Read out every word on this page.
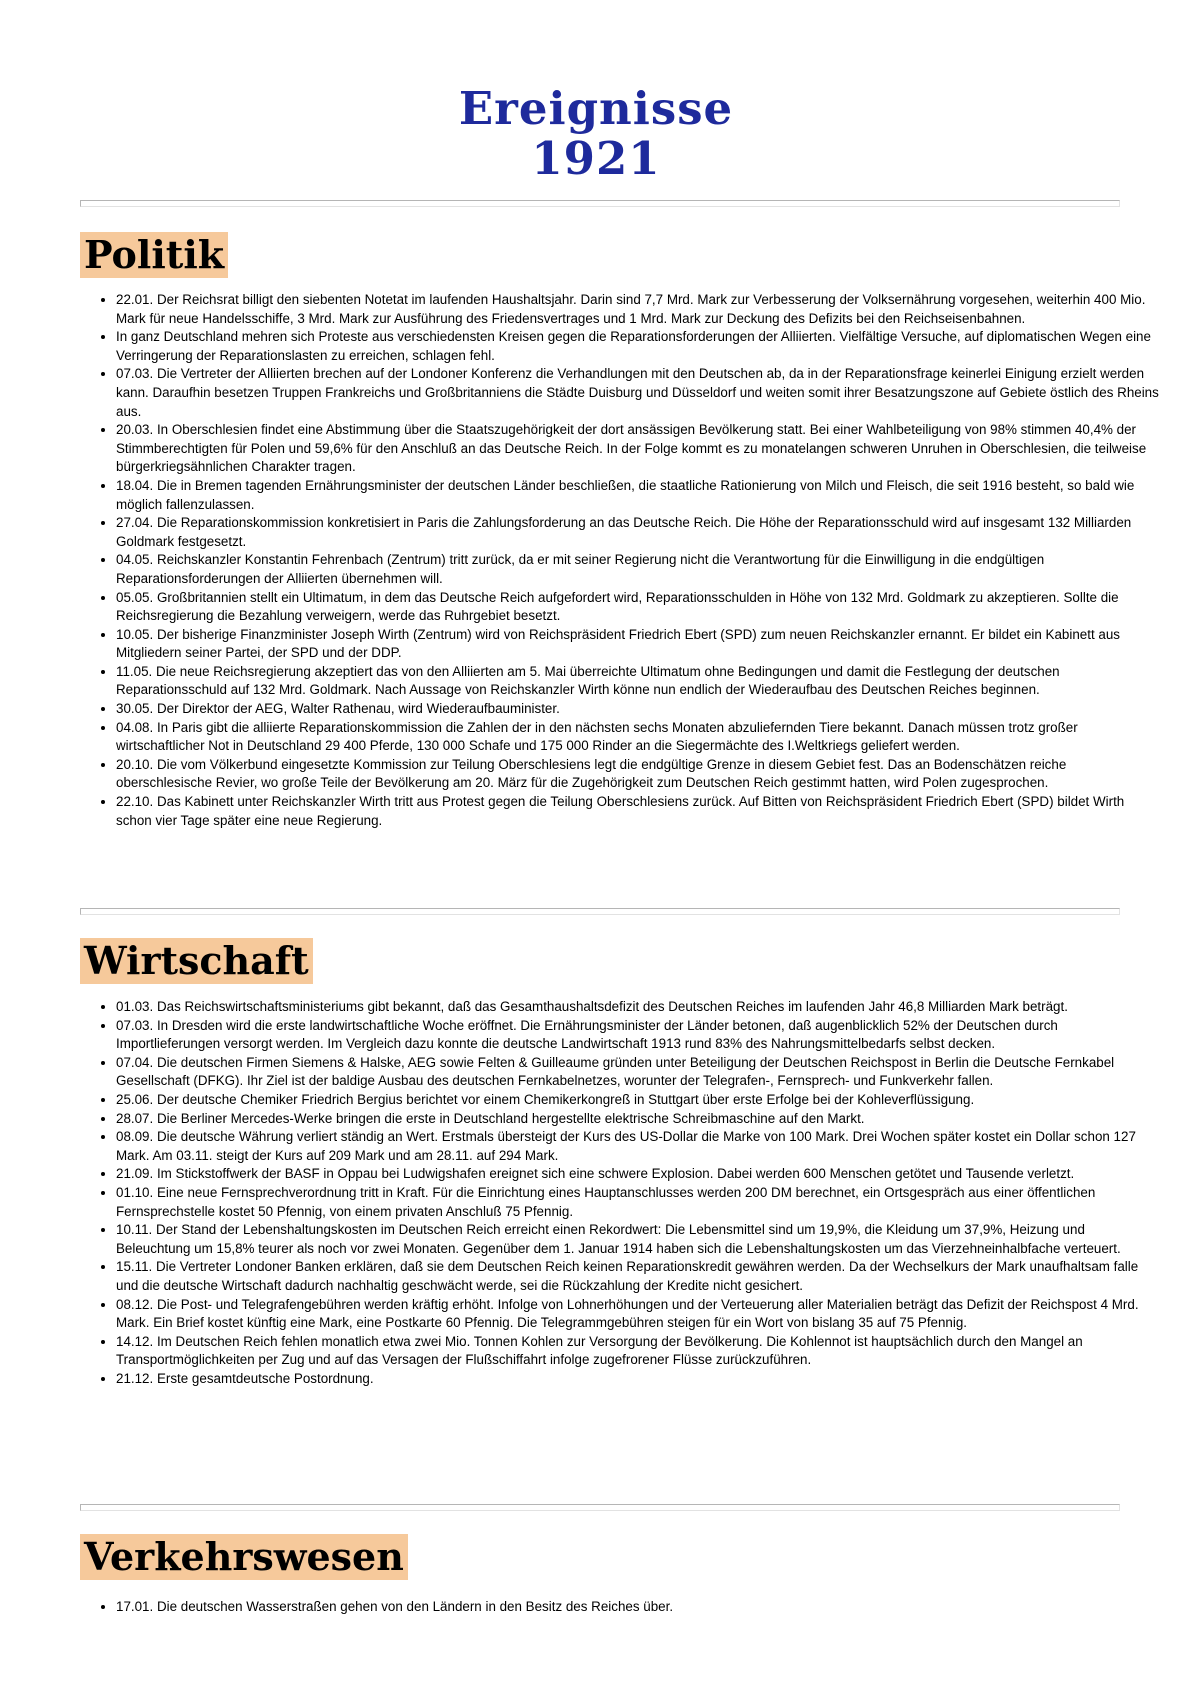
Ereignisse
1921
Politik
• 22.01. Der Reichsrat billigt den siebenten Notetat im laufenden Haushaltsjahr. Darin sind 7,7 Mrd. Mark zur Verbesserung der Volksernährung vorgesehen, weiterhin 400 Mio. Mark für neue Handelsschiffe, 3 Mrd. Mark zur Ausführung des Friedensvertrages und 1 Mrd. Mark zur Deckung des Defizits bei den Reichseisenbahnen.
• In ganz Deutschland mehren sich Proteste aus verschiedensten Kreisen gegen die Reparationsforderungen der Alliierten. Vielfältige Versuche, auf diplomatischen Wegen eine Verringerung der Reparationslasten zu erreichen, schlagen fehl.
• 07.03. Die Vertreter der Alliierten brechen auf der Londoner Konferenz die Verhandlungen mit den Deutschen ab, da in der Reparationsfrage keinerlei Einigung erzielt werden kann. Daraufhin besetzen Truppen Frankreichs und Großbritanniens die Städte Duisburg und Düsseldorf und weiten somit ihrer Besatzungszone auf Gebiete östlich des Rheins aus.
• 20.03. In Oberschlesien findet eine Abstimmung über die Staatszugehörigkeit der dort ansässigen Bevölkerung statt. Bei einer Wahlbeteiligung von 98% stimmen 40,4% der Stimmberechtigten für Polen und 59,6% für den Anschluß an das Deutsche Reich. In der Folge kommt es zu monatelangen schweren Unruhen in Oberschlesien, die teilweise bürgerkriegsähnlichen Charakter tragen.
• 18.04. Die in Bremen tagenden Ernährungsminister der deutschen Länder beschließen, die staatliche Rationierung von Milch und Fleisch, die seit 1916 besteht, so bald wie möglich fallenzulassen.
• 27.04. Die Reparationskommission konkretisiert in Paris die Zahlungsforderung an das Deutsche Reich. Die Höhe der Reparationsschuld wird auf insgesamt 132 Milliarden Goldmark festgesetzt.
• 04.05. Reichskanzler Konstantin Fehrenbach (Zentrum) tritt zurück, da er mit seiner Regierung nicht die Verantwortung für die Einwilligung in die endgültigen Reparationsforderungen der Alliierten übernehmen will.
• 05.05. Großbritannien stellt ein Ultimatum, in dem das Deutsche Reich aufgefordert wird, Reparationsschulden in Höhe von 132 Mrd. Goldmark zu akzeptieren. Sollte die Reichsregierung die Bezahlung verweigern, werde das Ruhrgebiet besetzt.
• 10.05. Der bisherige Finanzminister Joseph Wirth (Zentrum) wird von Reichspräsident Friedrich Ebert (SPD) zum neuen Reichskanzler ernannt. Er bildet ein Kabinett aus Mitgliedern seiner Partei, der SPD und der DDP.
• 11.05. Die neue Reichsregierung akzeptiert das von den Alliierten am 5. Mai überreichte Ultimatum ohne Bedingungen und damit die Festlegung der deutschen Reparationsschuld auf 132 Mrd. Goldmark. Nach Aussage von Reichskanzler Wirth könne nun endlich der Wiederaufbau des Deutschen Reiches beginnen.
• 30.05. Der Direktor der AEG, Walter Rathenau, wird Wiederaufbauminister.
• 04.08. In Paris gibt die alliierte Reparationskommission die Zahlen der in den nächsten sechs Monaten abzuliefernden Tiere bekannt. Danach müssen trotz großer wirtschaftlicher Not in Deutschland 29 400 Pferde, 130 000 Schafe und 175 000 Rinder an die Siegermächte des I.Weltkriegs geliefert werden.
• 20.10. Die vom Völkerbund eingesetzte Kommission zur Teilung Oberschlesiens legt die endgültige Grenze in diesem Gebiet fest. Das an Bodenschätzen reiche oberschlesische Revier, wo große Teile der Bevölkerung am 20. März für die Zugehörigkeit zum Deutschen Reich gestimmt hatten, wird Polen zugesprochen.
• 22.10. Das Kabinett unter Reichskanzler Wirth tritt aus Protest gegen die Teilung Oberschlesiens zurück. Auf Bitten von Reichspräsident Friedrich Ebert (SPD) bildet Wirth schon vier Tage später eine neue Regierung.
Wirtschaft
• 01.03. Das Reichswirtschaftsministeriums gibt bekannt, daß das Gesamthaushaltsdefizit des Deutschen Reiches im laufenden Jahr 46,8 Milliarden Mark beträgt.
• 07.03. In Dresden wird die erste landwirtschaftliche Woche eröffnet. Die Ernährungsminister der Länder betonen, daß augenblicklich 52% der Deutschen durch Importlieferungen versorgt werden. Im Vergleich dazu konnte die deutsche Landwirtschaft 1913 rund 83% des Nahrungsmittelbedarfs selbst decken.
• 07.04. Die deutschen Firmen Siemens & Halske, AEG sowie Felten & Guilleaume gründen unter Beteiligung der Deutschen Reichspost in Berlin die Deutsche Fernkabel Gesellschaft (DFKG). Ihr Ziel ist der baldige Ausbau des deutschen Fernkabelnetzes, worunter der Telegrafen-, Fernsprech- und Funkverkehr fallen.
• 25.06. Der deutsche Chemiker Friedrich Bergius berichtet vor einem Chemikerkongreß in Stuttgart über erste Erfolge bei der Kohleverflüssigung.
• 28.07. Die Berliner Mercedes-Werke bringen die erste in Deutschland hergestellte elektrische Schreibmaschine auf den Markt.
• 08.09. Die deutsche Währung verliert ständig an Wert. Erstmals übersteigt der Kurs des US-Dollar die Marke von 100 Mark. Drei Wochen später kostet ein Dollar schon 127 Mark. Am 03.11. steigt der Kurs auf 209 Mark und am 28.11. auf 294 Mark.
• 21.09. Im Stickstoffwerk der BASF in Oppau bei Ludwigshafen ereignet sich eine schwere Explosion. Dabei werden 600 Menschen getötet und Tausende verletzt.
• 01.10. Eine neue Fernsprechverordnung tritt in Kraft. Für die Einrichtung eines Hauptanschlusses werden 200 DM berechnet, ein Ortsgespräch aus einer öffentlichen Fernsprechstelle kostet 50 Pfennig, von einem privaten Anschluß 75 Pfennig.
• 10.11. Der Stand der Lebenshaltungskosten im Deutschen Reich erreicht einen Rekordwert: Die Lebensmittel sind um 19,9%, die Kleidung um 37,9%, Heizung und Beleuchtung um 15,8% teurer als noch vor zwei Monaten. Gegenüber dem 1. Januar 1914 haben sich die Lebenshaltungskosten um das Vierzehneinhalbfache verteuert.
• 15.11. Die Vertreter Londoner Banken erklären, daß sie dem Deutschen Reich keinen Reparationskredit gewähren werden. Da der Wechselkurs der Mark unaufhaltsam falle und die deutsche Wirtschaft dadurch nachhaltig geschwächt werde, sei die Rückzahlung der Kredite nicht gesichert.
• 08.12. Die Post- und Telegrafengebühren werden kräftig erhöht. Infolge von Lohnerhöhungen und der Verteuerung aller Materialien beträgt das Defizit der Reichspost 4 Mrd. Mark. Ein Brief kostet künftig eine Mark, eine Postkarte 60 Pfennig. Die Telegrammgebühren steigen für ein Wort von bislang 35 auf 75 Pfennig.
• 14.12. Im Deutschen Reich fehlen monatlich etwa zwei Mio. Tonnen Kohlen zur Versorgung der Bevölkerung. Die Kohlennot ist hauptsächlich durch den Mangel an Transportmöglichkeiten per Zug und auf das Versagen der Flußschiffahrt infolge zugefrorener Flüsse zurückzuführen.
• 21.12. Erste gesamtdeutsche Postordnung.
Verkehrswesen
• 17.01. Die deutschen Wasserstraßen gehen von den Ländern in den Besitz des Reiches über.
